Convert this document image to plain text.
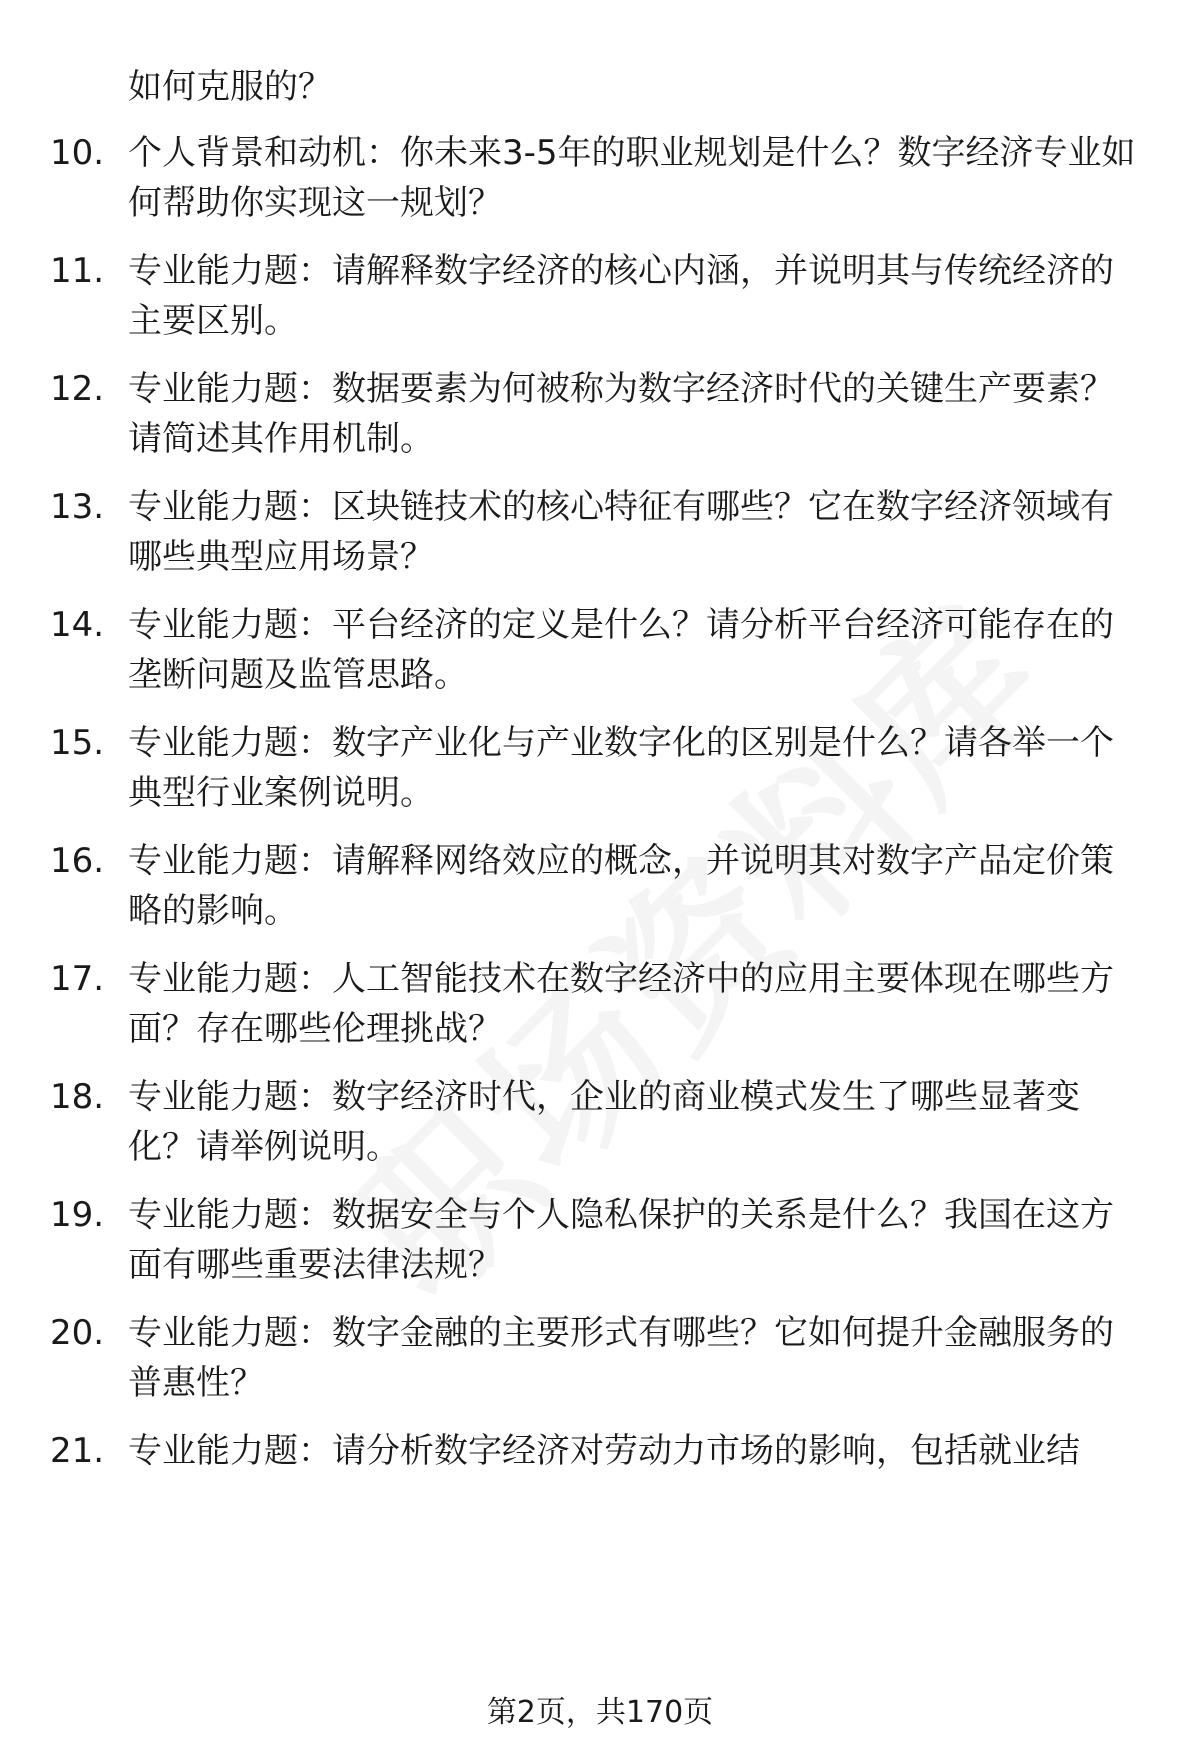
如何克服的？
10. 个人背景和动机：你未来3-5年的职业规划是什么？数字经济专业如何帮助你实现这一规划？
11. 专业能力题：请解释数字经济的核心内涵，并说明其与传统经济的主要区别。
12. 专业能力题：数据要素为何被称为数字经济时代的关键生产要素？请简述其作用机制。
13. 专业能力题：区块链技术的核心特征有哪些？它在数字经济领域有哪些典型应用场景？
14. 专业能力题：平台经济的定义是什么？请分析平台经济可能存在的垄断问题及监管思路。
15. 专业能力题：数字产业化与产业数字化的区别是什么？请各举一个典型行业案例说明。
16. 专业能力题：请解释网络效应的概念，并说明其对数字产品定价策略的影响。
17. 专业能力题：人工智能技术在数字经济中的应用主要体现在哪些方面？存在哪些伦理挑战？
18. 专业能力题：数字经济时代，企业的商业模式发生了哪些显著变化？请举例说明。
19. 专业能力题：数据安全与个人隐私保护的关系是什么？我国在这方面有哪些重要法律法规？
20. 专业能力题：数字金融的主要形式有哪些？它如何提升金融服务的普惠性？
21. 专业能力题：请分析数字经济对劳动力市场的影响，包括就业结
第2页，共170页
